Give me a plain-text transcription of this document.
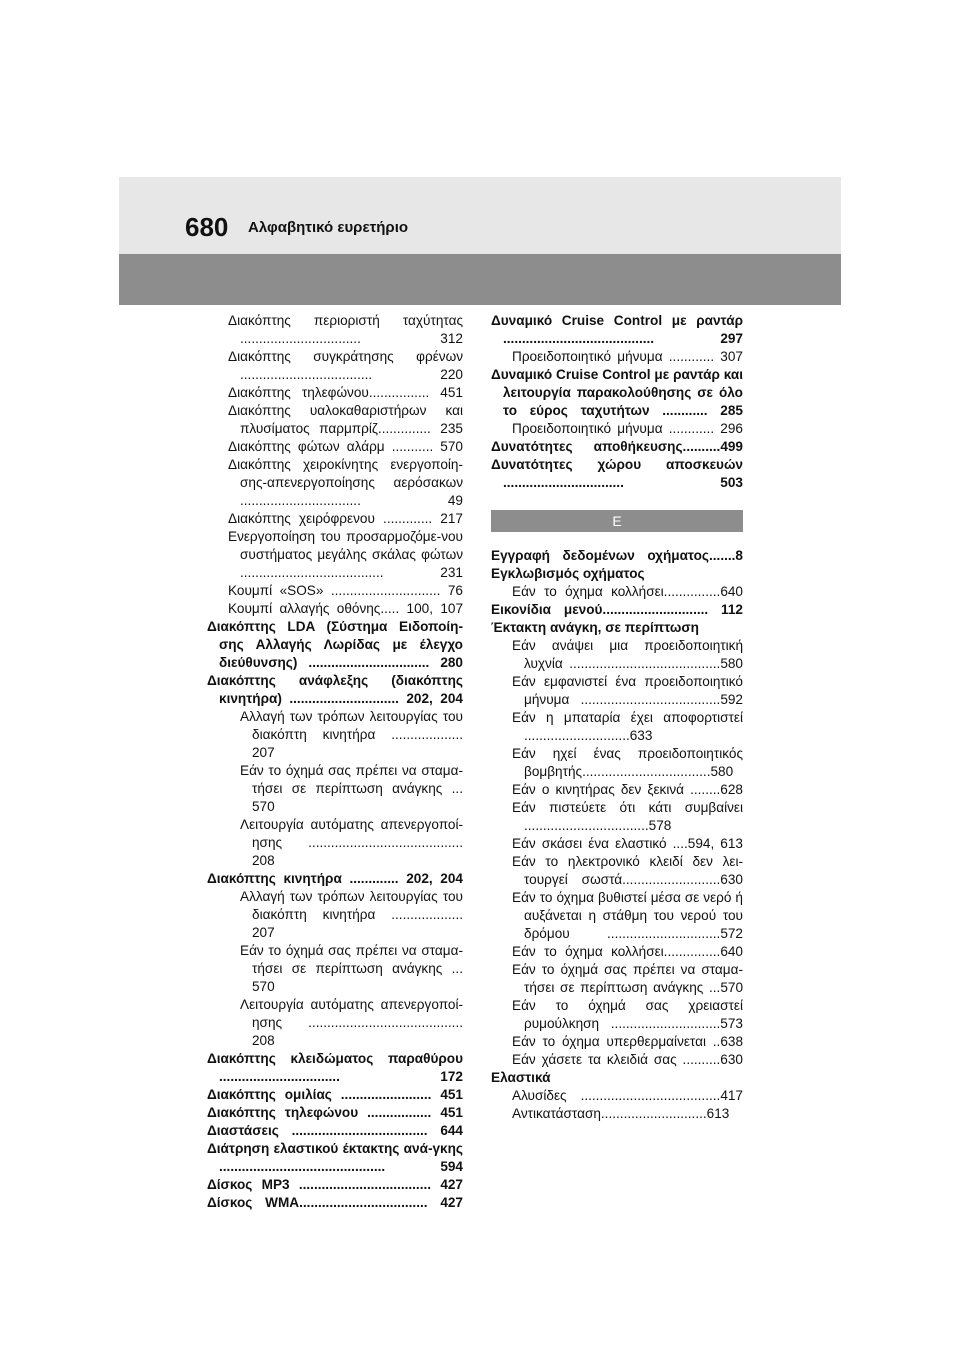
680 Αλφαβητικό ευρετήριο

Διακόπτης περιοριστή ταχύτητας ................................ 312

Διακόπτης συγκράτησης φρένων ................................... 220

Διακόπτης τηλεφώνου................ 451

Διακόπτης υαλοκαθαριστήρων και πλυσίματος παρμπρίζ.............. 235

Διακόπτης φώτων αλάρμ ........... 570

Διακόπτης χειροκίνητης ενεργοποίη-σης-απενεργοποίησης αερόσακων ................................ 49

Διακόπτης χειρόφρενου ............. 217

Ενεργοποίηση του προσαρμοζόμε-νου συστήματος μεγάλης σκάλας φώτων ...................................... 231

Κουμπί «SOS» ............................. 76

Κουμπί αλλαγής οθόνης..... 100, 107

Διακόπτης LDA (Σύστημα Ειδοποίη-σης Αλλαγής Λωρίδας με έλεγχο διεύθυνσης) ................................ 280

Διακόπτης ανάφλεξης (διακόπτης κινητήρα) ............................. 202, 204

Αλλαγή των τρόπων λειτουργίας του διακόπτη κινητήρα ................... 207

Εάν το όχημά σας πρέπει να σταμα-τήσει σε περίπτωση ανάγκης ... 570

Λειτουργία αυτόματης απενεργοποί-ησης ......................................... 208

Διακόπτης κινητήρα ............. 202, 204

Αλλαγή των τρόπων λειτουργίας του διακόπτη κινητήρα ................... 207

Εάν το όχημά σας πρέπει να σταμα-τήσει σε περίπτωση ανάγκης ... 570

Λειτουργία αυτόματης απενεργοποί-ησης ......................................... 208

Διακόπτης κλειδώματος παραθύρου ................................ 172

Διακόπτης ομιλίας ........................ 451

Διακόπτης τηλεφώνου ................. 451

Διαστάσεις .................................... 644

Διάτρηση ελαστικού έκτακτης ανά-γκης ............................................ 594

Δίσκος MP3 ................................... 427

Δίσκος WMA.................................. 427

Δυναμικό Cruise Control με ραντάρ ........................................ 297

Προειδοποιητικό μήνυμα ............ 307

Δυναμικό Cruise Control με ραντάρ και λειτουργία παρακολούθησης σε όλο το εύρος ταχυτήτων ............ 285

Προειδοποιητικό μήνυμα ............ 296

Δυνατότητες αποθήκευσης..........499

Δυνατότητες χώρου αποσκευών ................................ 503

Ε

Εγγραφή δεδομένων οχήματος.......8

Εγκλωβισμός οχήματος

Εάν το όχημα κολλήσει...............640

Εικονίδια μενού............................ 112

Έκτακτη ανάγκη, σε περίπτωση

Εάν ανάψει μια προειδοποιητική λυχνία ........................................580

Εάν εμφανιστεί ένα προειδοποιητικό μήνυμα .....................................592

Εάν η μπαταρία έχει αποφορτιστεί ............................633

Εάν ηχεί ένας προειδοποιητικός βομβητής..................................580

Εάν ο κινητήρας δεν ξεκινά ........628

Εάν πιστεύετε ότι κάτι συμβαίνει .................................578

Εάν σκάσει ένα ελαστικό ....594, 613

Εάν το ηλεκτρονικό κλειδί δεν λει-τουργεί σωστά..........................630

Εάν το όχημα βυθιστεί μέσα σε νερό ή αυξάνεται η στάθμη του νερού του δρόμου ..............................572

Εάν το όχημα κολλήσει...............640

Εάν το όχημά σας πρέπει να σταμα-τήσει σε περίπτωση ανάγκης ...570

Εάν το όχημά σας χρειαστεί ρυμούλκηση .............................573

Εάν το όχημα υπερθερμαίνεται ..638

Εάν χάσετε τα κλειδιά σας ..........630

Ελαστικά

Αλυσίδες .....................................417

Αντικατάσταση............................613
